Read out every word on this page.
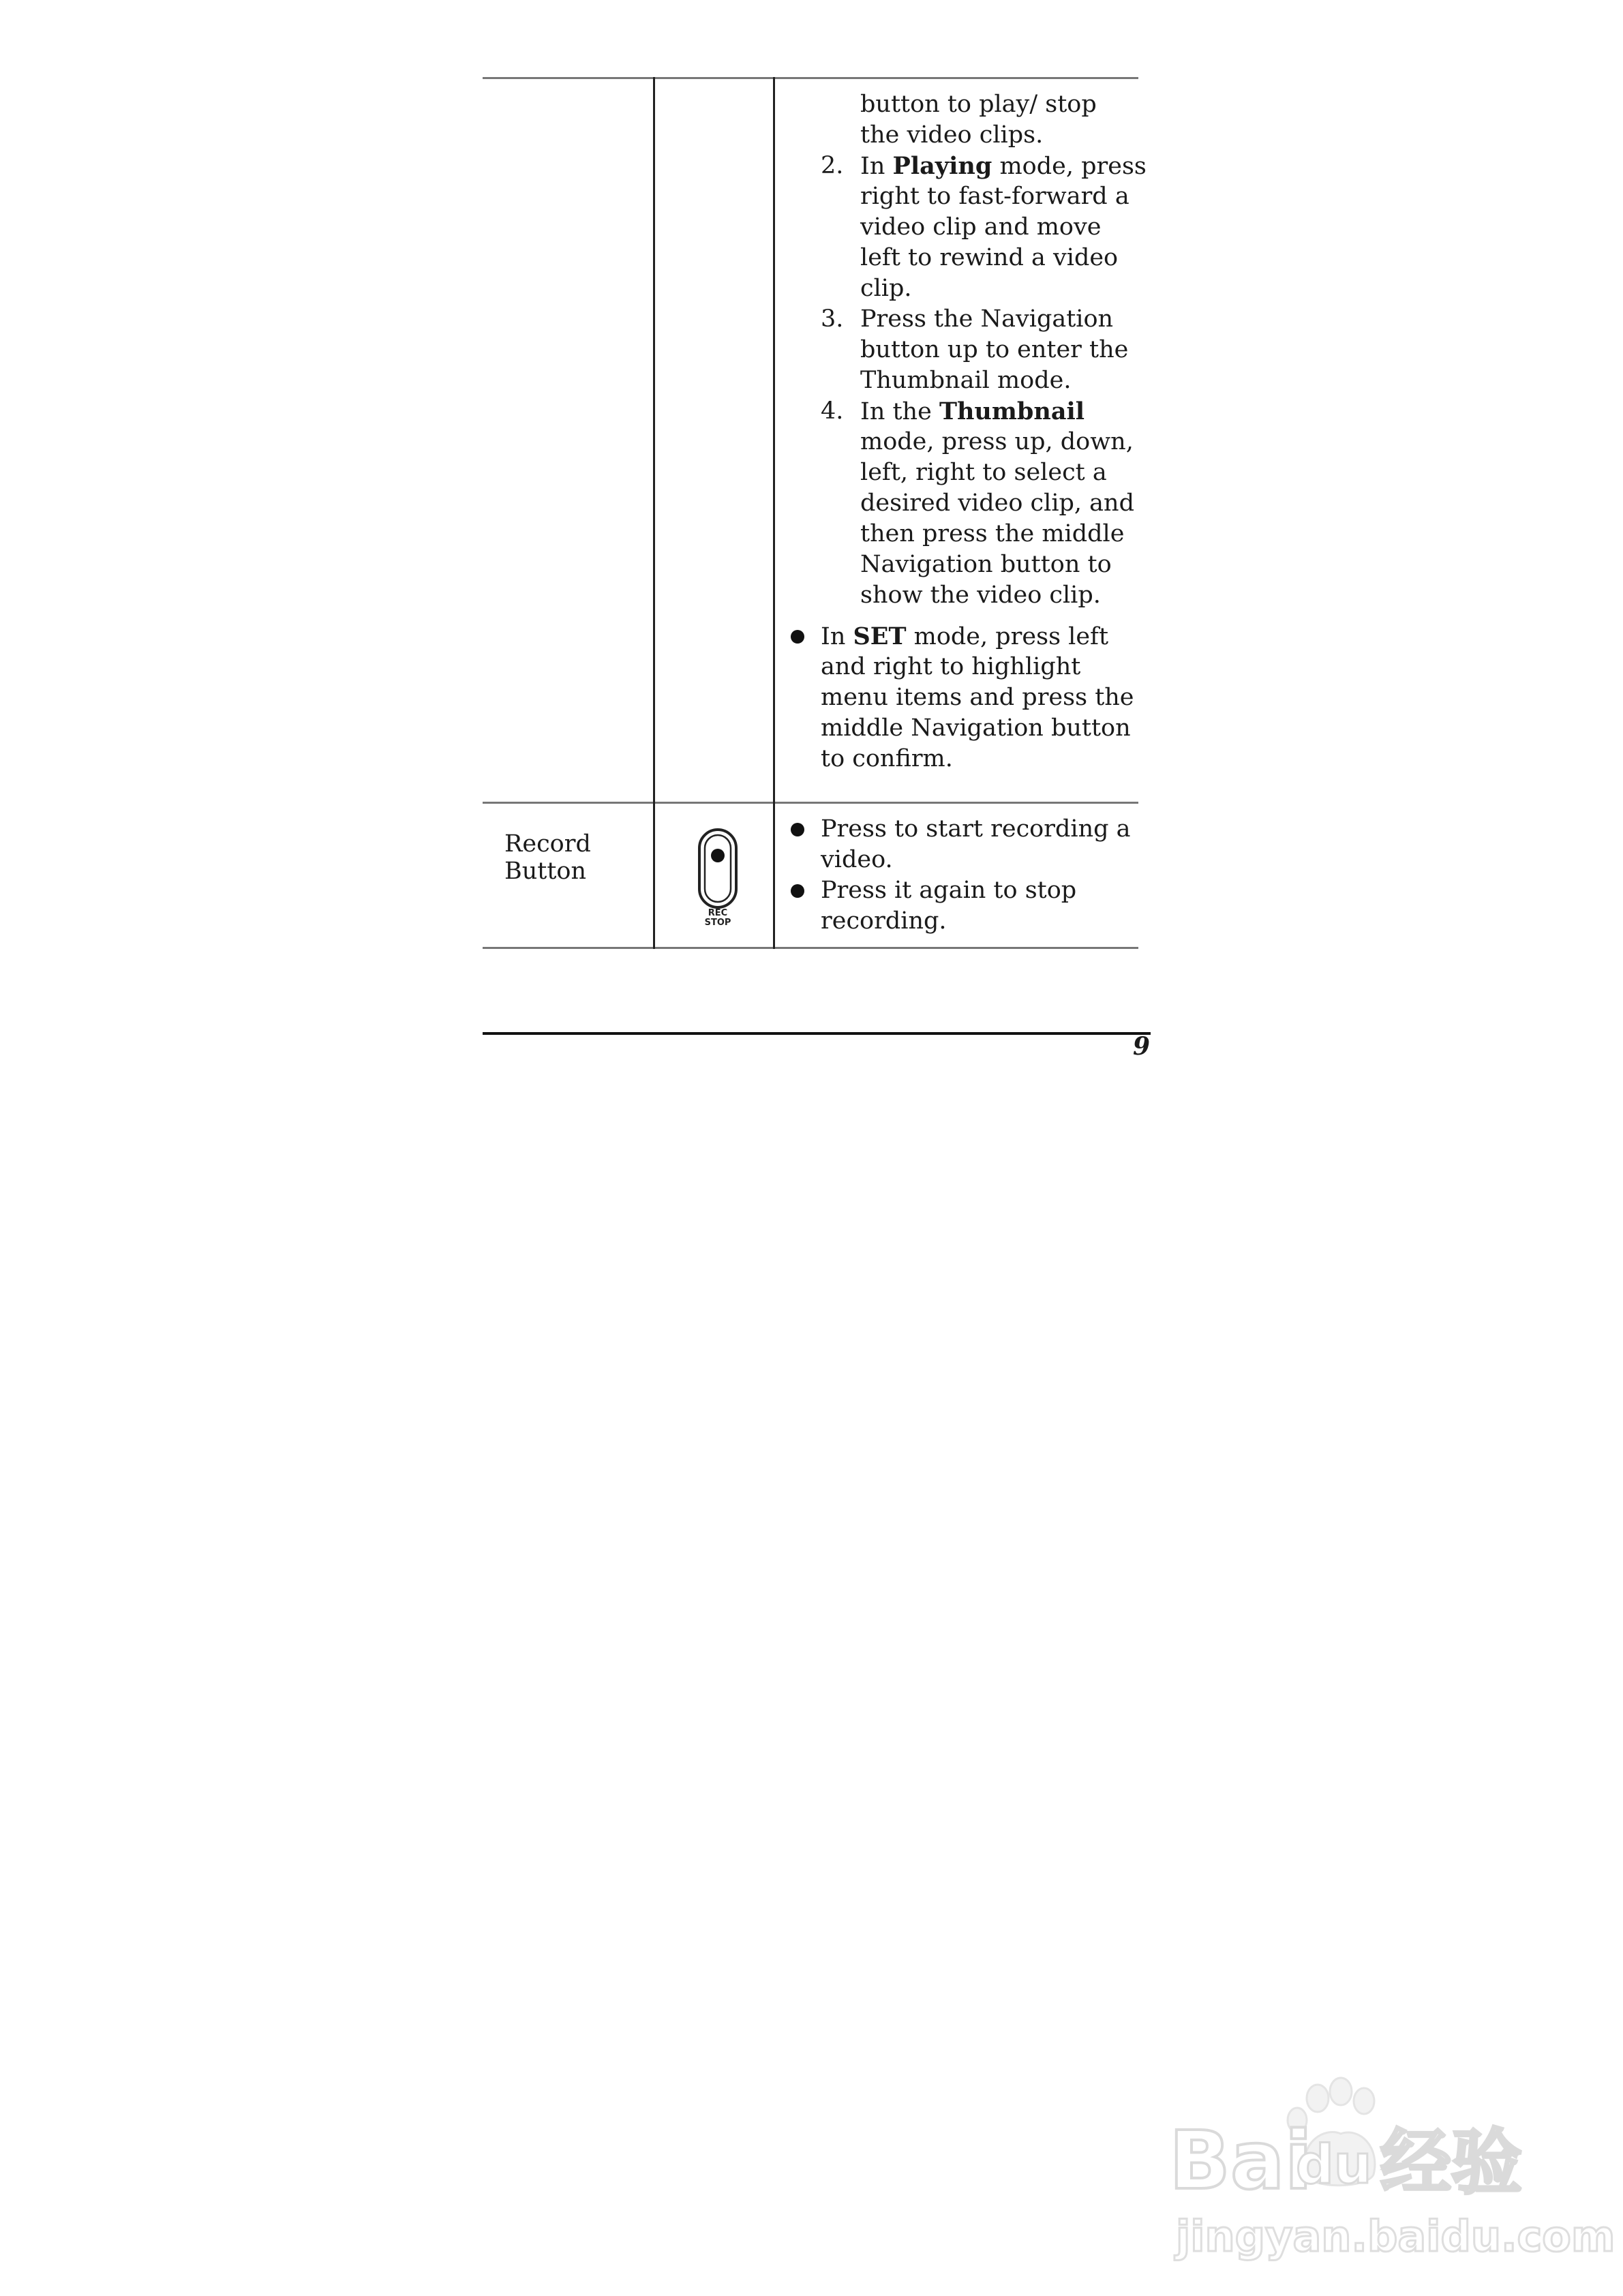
button to play/ stop
the video clips.
2. In Playing mode, press
right to fast-forward a
video clip and move
left to rewind a video
clip.
3. Press the Navigation
button up to enter the
Thumbnail mode.
4. In the Thumbnail
mode, press up, down,
left, right to select a
desired video clip, and
then press the middle
Navigation button to
show the video clip.
In SET mode, press left
and right to highlight
menu items and press the
middle Navigation button
to confirm.
Record
Button
REC
STOP
Press to start recording a
video.
Press it again to stop
recording.
9
Bai
du 经验
jingyan.baidu.com
